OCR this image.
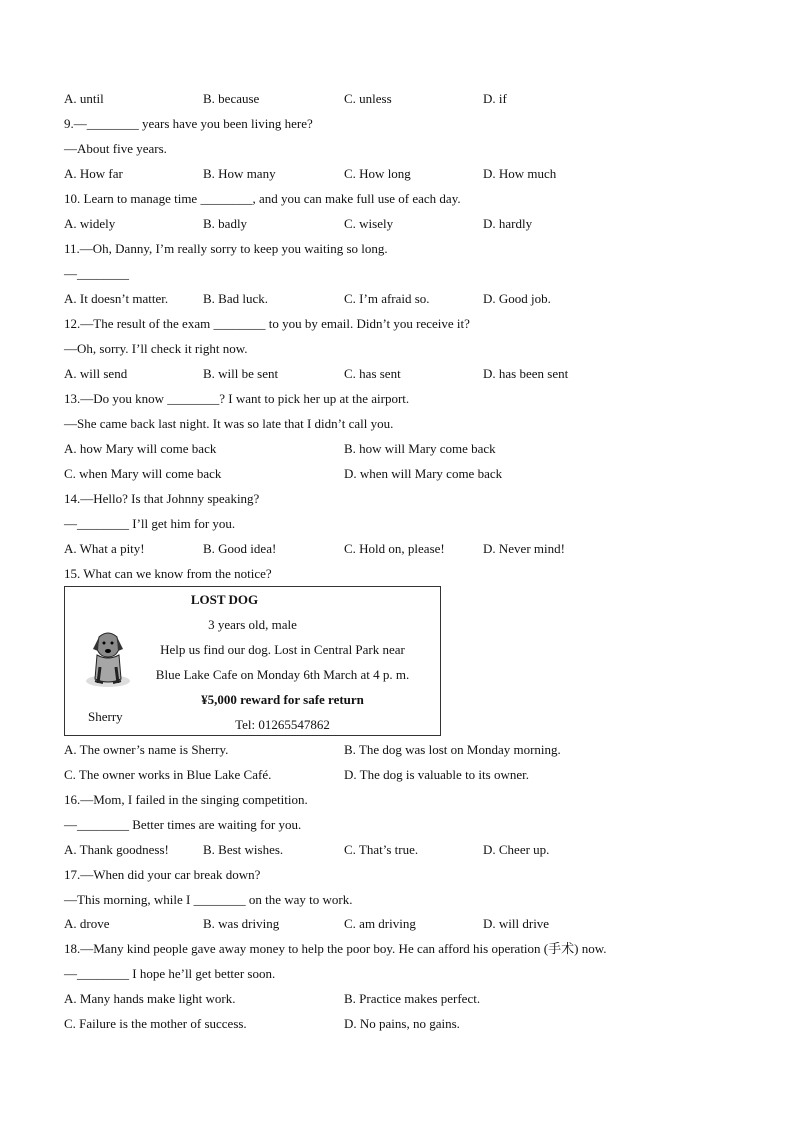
A. until	B. because	C. unless	D. if
9.—________ years have you been living here?
—About five years.
A. How far	B. How many	C. How long	D. How much
10. Learn to manage time ________, and you can make full use of each day.
A. widely	B. badly	C. wisely	D. hardly
11.—Oh, Danny, I’m really sorry to keep you waiting so long.
—________
A. It doesn’t matter.	B. Bad luck.	C. I’m afraid so.	D. Good job.
12.—The result of the exam ________ to you by email. Didn’t you receive it?
—Oh, sorry. I’ll check it right now.
A. will send	B. will be sent	C. has sent	D. has been sent
13.—Do you know ________? I want to pick her up at the airport.
—She came back last night. It was so late that I didn’t call you.
A. how Mary will come back	B. how will Mary come back
C. when Mary will come back	D. when will Mary come back
14.—Hello? Is that Johnny speaking?
—________ I’ll get him for you.
A. What a pity!	B. Good idea!	C. Hold on, please!	D. Never mind!
15. What can we know from the notice?
LOST DOG
Sherry
3 years old, male
Help us find our dog. Lost in Central Park near
Blue Lake Cafe on Monday 6th March at 4 p. m.
¥5,000 reward for safe return
Tel: 01265547862
A. The owner’s name is Sherry.	B. The dog was lost on Monday morning.
C. The owner works in Blue Lake Café.	D. The dog is valuable to its owner.
16.—Mom, I failed in the singing competition.
—________ Better times are waiting for you.
A. Thank goodness!	B. Best wishes.	C. That’s true.	D. Cheer up.
17.—When did your car break down?
—This morning, while I ________ on the way to work.
A. drove	B. was driving	C. am driving	D. will drive
18.—Many kind people gave away money to help the poor boy. He can afford his operation (手术) now.
—________ I hope he’ll get better soon.
A. Many hands make light work.	B. Practice makes perfect.
C. Failure is the mother of success.	D. No pains, no gains.
